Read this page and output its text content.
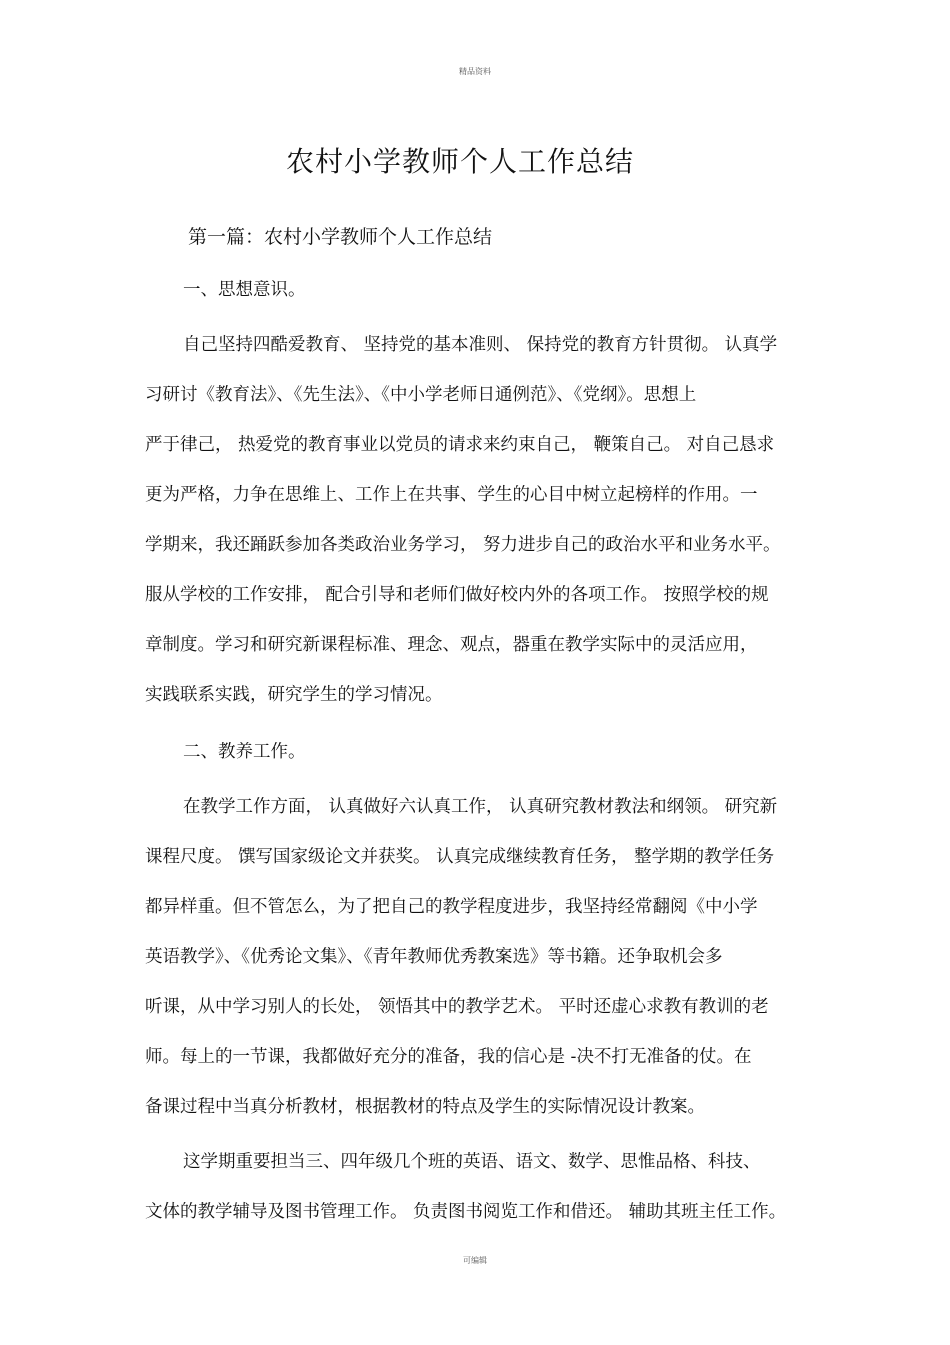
精品资料
农村小学教师个人工作总结
第一篇：农村小学教师个人工作总结
一、思想意识。
自己坚持四酷爱教育、 坚持党的基本准则、 保持党的教育方针贯彻。 认真学
习研讨《教育法》、《先生法》、《中小学老师日通例范》、《党纲》。思想上
严于律己， 热爱党的教育事业以党员的请求来约束自己， 鞭策自己。 对自己恳求
更为严格，力争在思维上、工作上在共事、学生的心目中树立起榜样的作用。一
学期来，我还踊跃参加各类政治业务学习， 努力进步自己的政治水平和业务水平。
服从学校的工作安排， 配合引导和老师们做好校内外的各项工作。 按照学校的规
章制度。学习和研究新课程标准、理念、观点，器重在教学实际中的灵活应用，
实践联系实践，研究学生的学习情况。
二、教养工作。
在教学工作方面， 认真做好六认真工作， 认真研究教材教法和纲领。 研究新
课程尺度。 馔写国家级论文并获奖。 认真完成继续教育任务， 整学期的教学任务
都异样重。但不管怎么，为了把自己的教学程度进步，我坚持经常翻阅《中小学
英语教学》、《优秀论文集》、《青年教师优秀教案选》等书籍。还争取机会多
听课，从中学习别人的长处， 领悟其中的教学艺术。 平时还虚心求教有教训的老
师。每上的一节课，我都做好充分的准备，我的信心是 -决不打无准备的仗。在
备课过程中当真分析教材，根据教材的特点及学生的实际情况设计教案。
这学期重要担当三、四年级几个班的英语、语文、数学、思惟品格、科技、
文体的教学辅导及图书管理工作。 负责图书阅览工作和借还。 辅助其班主任工作。
可编辑
